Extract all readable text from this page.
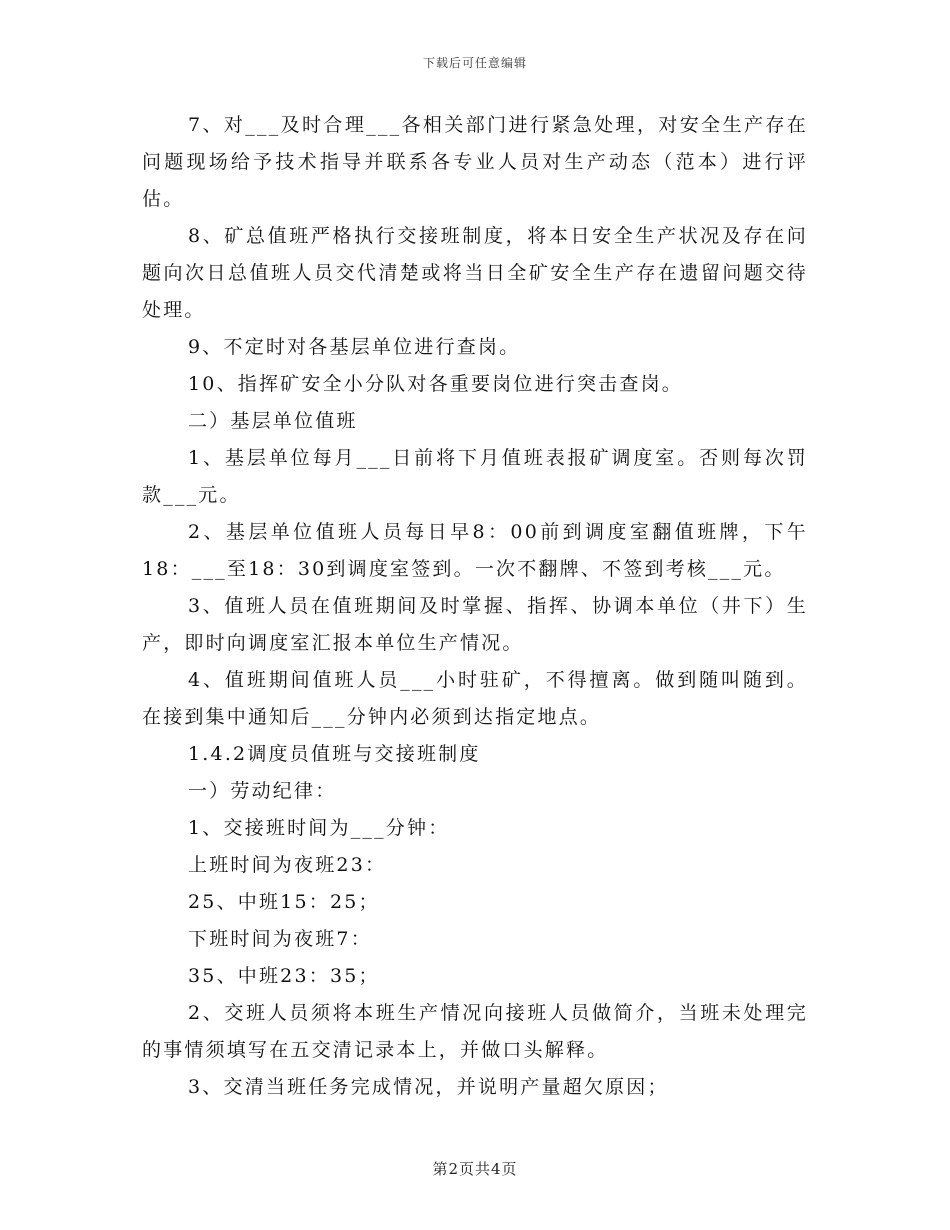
下载后可任意编辑

7、对___及时合理___各相关部门进行紧急处理，对安全生产存在问题现场给予技术指导并联系各专业人员对生产动态（范本）进行评估。

8、矿总值班严格执行交接班制度，将本日安全生产状况及存在问题向次日总值班人员交代清楚或将当日全矿安全生产存在遗留问题交待处理。

9、不定时对各基层单位进行查岗。

10、指挥矿安全小分队对各重要岗位进行突击查岗。

二）基层单位值班

1、基层单位每月___日前将下月值班表报矿调度室。否则每次罚款___元。

2、基层单位值班人员每日早8：00前到调度室翻值班牌，下午18：___至18：30到调度室签到。一次不翻牌、不签到考核___元。

3、值班人员在值班期间及时掌握、指挥、协调本单位（井下）生产，即时向调度室汇报本单位生产情况。

4、值班期间值班人员___小时驻矿，不得擅离。做到随叫随到。在接到集中通知后___分钟内必须到达指定地点。

1.4.2调度员值班与交接班制度

一）劳动纪律：

1、交接班时间为___分钟：

上班时间为夜班23：

25、中班15：25；

下班时间为夜班7：

35、中班23：35；

2、交班人员须将本班生产情况向接班人员做简介，当班未处理完的事情须填写在五交清记录本上，并做口头解释。

3、交清当班任务完成情况，并说明产量超欠原因；

第2页共4页
